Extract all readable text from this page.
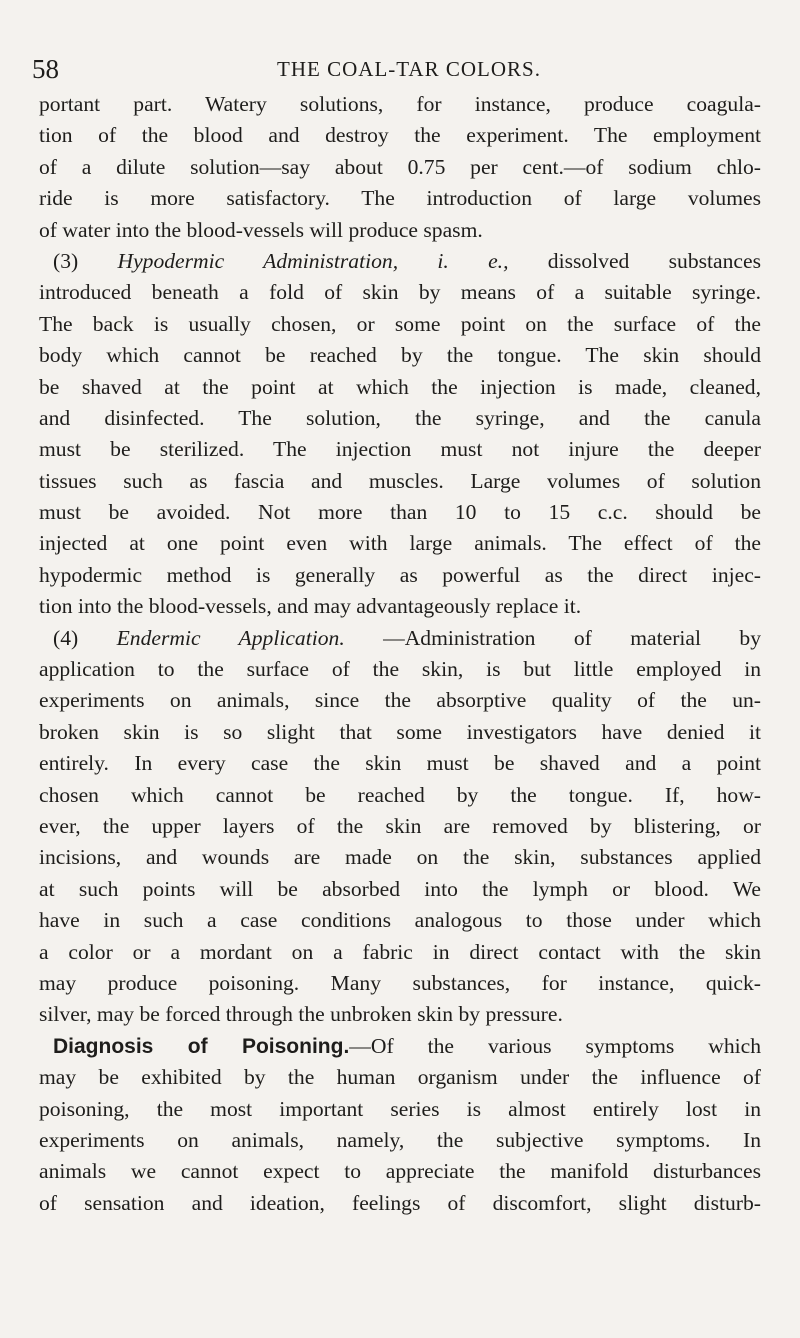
58	THE COAL-TAR COLORS.
portant part. Watery solutions, for instance, produce coagula-
tion of the blood and destroy the experiment. The employment
of a dilute solution—say about 0.75 per cent.—of sodium chlo-
ride is more satisfactory. The introduction of large volumes
of water into the blood-vessels will produce spasm.
(3) Hypodermic Administration, i. e., dissolved substances
introduced beneath a fold of skin by means of a suitable syringe.
The back is usually chosen, or some point on the surface of the
body which cannot be reached by the tongue. The skin should
be shaved at the point at which the injection is made, cleaned,
and disinfected. The solution, the syringe, and the canula
must be sterilized. The injection must not injure the deeper
tissues such as fascia and muscles. Large volumes of solution
must be avoided. Not more than 10 to 15 c.c. should be
injected at one point even with large animals. The effect of the
hypodermic method is generally as powerful as the direct injec-
tion into the blood-vessels, and may advantageously replace it.
(4) Endermic Application. —Administration of material by
application to the surface of the skin, is but little employed in
experiments on animals, since the absorptive quality of the un-
broken skin is so slight that some investigators have denied it
entirely. In every case the skin must be shaved and a point
chosen which cannot be reached by the tongue. If, how-
ever, the upper layers of the skin are removed by blistering, or
incisions, and wounds are made on the skin, substances applied
at such points will be absorbed into the lymph or blood. We
have in such a case conditions analogous to those under which
a color or a mordant on a fabric in direct contact with the skin
may produce poisoning. Many substances, for instance, quick-
silver, may be forced through the unbroken skin by pressure.
Diagnosis of Poisoning.—Of the various symptoms which
may be exhibited by the human organism under the influence of
poisoning, the most important series is almost entirely lost in
experiments on animals, namely, the subjective symptoms. In
animals we cannot expect to appreciate the manifold disturbances
of sensation and ideation, feelings of discomfort, slight disturb-
